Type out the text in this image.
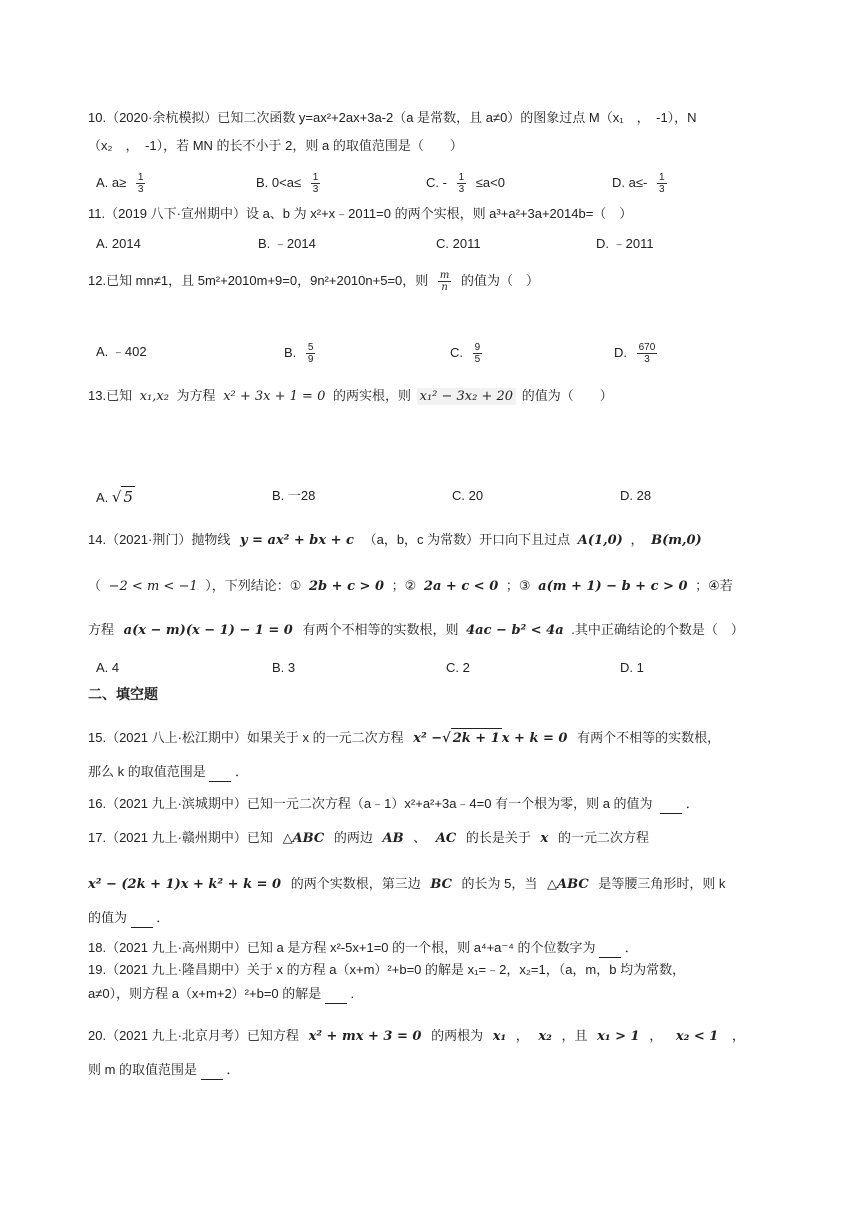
10.（2020·余杭模拟）已知二次函数 y=ax²+2ax+3a-2（a 是常数，且 a≠0）的图象过点 M（x₁　，　-1），N
（x₂　，　-1），若 MN 的长不小于 2，则 a 的取值范围是（　　）
A. $a\ge \frac{1}{3}$	B. $0<a\le \frac{1}{3}$	C. - $\frac{1}{3} \le a<0$	D. $a\le- \frac{1}{3}$
11.（2019 八下·宣州期中）设 a、b 为 x²+x﹣2011=0 的两个实根，则 a³+a²+3a+2014b=（　）
A. 2014	B. ﹣2014	C. 2011	D. ﹣2011
12.已知 mn≠1，且 5m²+2010m+9=0，9n²+2010n+5=0，则 $\frac{m}{n}$ 的值为（　）
A. ﹣402	B. $\frac{5}{9}$	C. $\frac{9}{5}$	D. $\frac{670}{3}$
13.已知 x₁,x₂ 为方程 x² + 3x + 1 = 0 的两实根，则 x₁² − 3x₂ + 20 的值为（　　）
A. √ 5	B. 一28	C. 20	D. 28
14.（2021·荆门）抛物线 y = ax² + bx + c （a，b，c 为常数）开口向下且过点 A(1,0) ， B(m,0)
（ −2 < m < −1 ），下列结论：① 2b + c > 0 ；② 2a + c < 0 ；③ a(m + 1) − b + c > 0 ；④若
方程 a(x − m)(x − 1) − 1 = 0 有两个不相等的实数根，则 4ac − b² < 4a .其中正确结论的个数是（　）
A. 4	B. 3	C. 2	D. 1
二、填空题
15.（2021 八上·松江期中）如果关于 x 的一元二次方程 x² −√ 2k + 1 x + k = 0 有两个不相等的实数根，
那么 k 的取值范围是 ．
16.（2021 九上·滨城期中）已知一元二次方程（a﹣1）x²+a²+3a﹣4=0 有一个根为零，则 a 的值为	．
17.（2021 九上·赣州期中）已知 △ABC 的两边 AB 、 AC 的长是关于 x 的一元二次方程
x² − (2k + 1)x + k² + k = 0 的两个实数根，第三边 BC 的长为 5，当 △ABC 是等腰三角形时，则 k
的值为 ．
18.（2021 九上·高州期中）已知 a 是方程 x²-5x+1=0 的一个根，则 a⁴+a⁻⁴ 的个位数字为 ．
19.（2021 九上·隆昌期中）关于 x 的方程 a（x+m）²+b=0 的解是 x₁=﹣2，x₂=1，（a，m，b 均为常数，
a≠0），则方程 a（x+m+2）²+b=0 的解是 .
20.（2021 九上·北京月考）已知方程 x² + mx + 3 = 0 的两根为 x₁ ， x₂ ，且 x₁ > 1 ， x₂ < 1 ，
则 m 的取值范围是 ．
